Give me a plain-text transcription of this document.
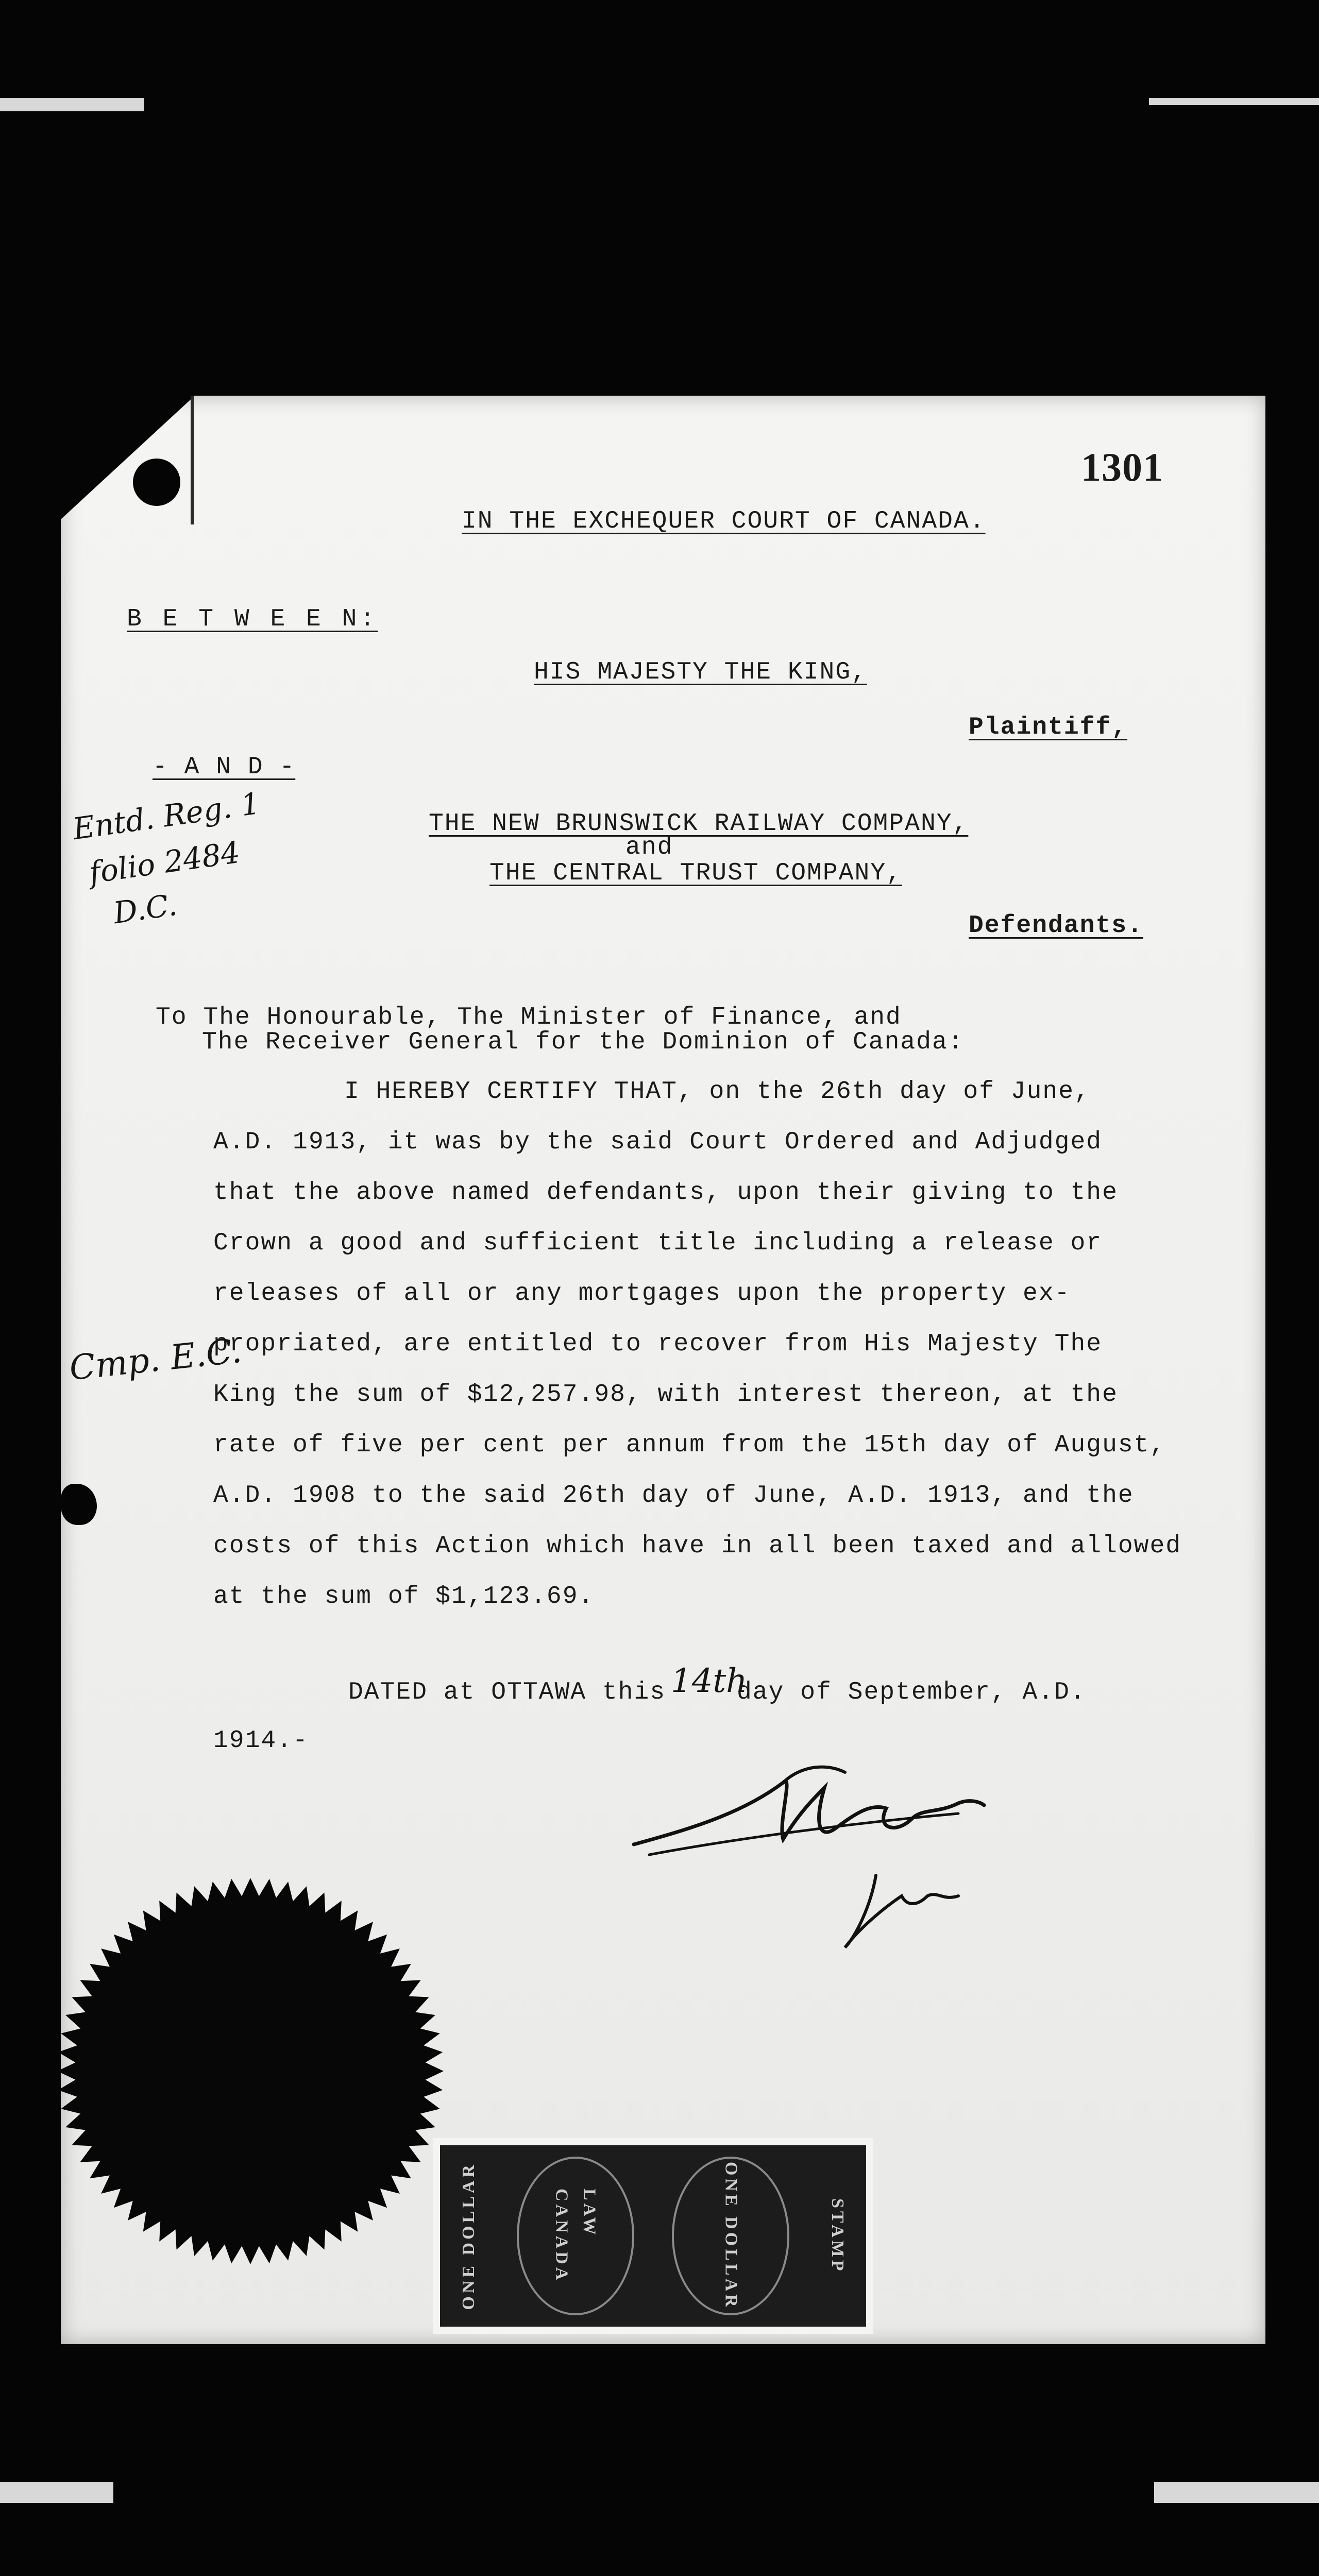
1301
IN THE EXCHEQUER COURT OF CANADA.
B E T W E E N:
HIS MAJESTY THE KING,
Plaintiff,
- A N D -
THE NEW BRUNSWICK RAILWAY COMPANY,
and
THE CENTRAL TRUST COMPANY,
Defendants.
To The Honourable, The Minister of Finance, and
The Receiver General for the Dominion of Canada:
I HEREBY CERTIFY THAT, on the 26th day of June,
A.D. 1913, it was by the said Court Ordered and Adjudged
that the above named defendants, upon their giving to the
Crown a good and sufficient title including a release or
releases of all or any mortgages upon the property ex-
propriated, are entitled to recover from His Majesty The
King the sum of $12,257.98, with interest thereon, at the
rate of five per cent per annum from the 15th day of August,
A.D. 1908 to the said 26th day of June, A.D. 1913, and the
costs of this Action which have in all been taxed and allowed
at the sum of $1,123.69.
DATED at OTTAWA this 14th
day of September, A.D.
1914.-
Entd. Reg. 1
folio 2484
D.C.
Cmp. E.C.
ONE DOLLAR	CANADA LAW	ONE DOLLAR	STAMP
